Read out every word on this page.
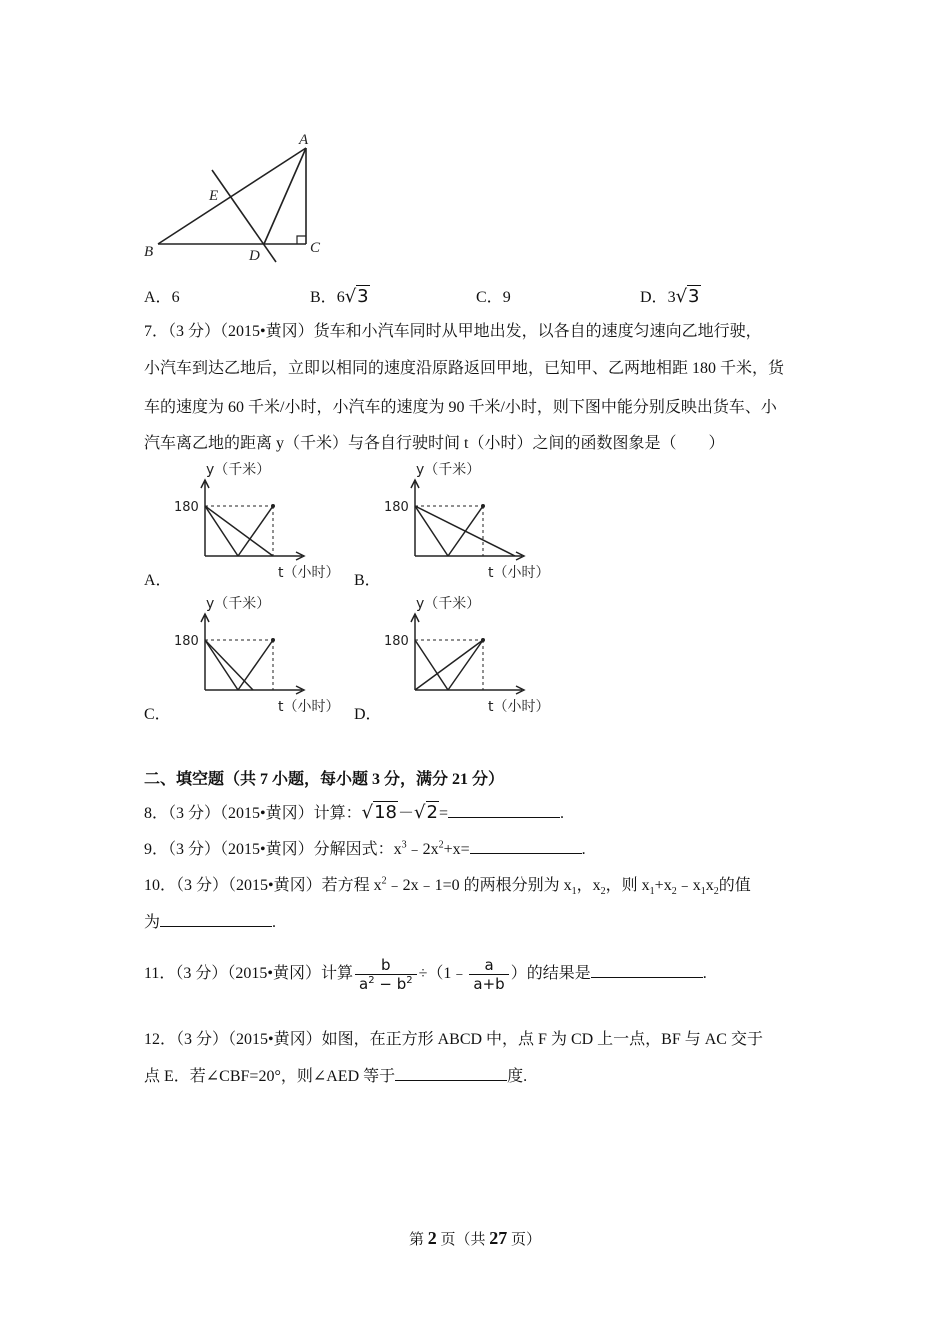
A
E
B	D	C
A．6	B．6√3	C．9	D．3√3
7．（3 分）（2015•黄冈）货车和小汽车同时从甲地出发，以各自的速度匀速向乙地行驶，
小汽车到达乙地后，立即以相同的速度沿原路返回甲地，已知甲、乙两地相距 180 千米，货
车的速度为 60 千米/小时，小汽车的速度为 90 千米/小时，则下图中能分别反映出货车、小
汽车离乙地的距离 y（千米）与各自行驶时间 t（小时）之间的函数图象是（　　）
180
y（千米）
t（小时）
A．
180
y（千米）
t（小时）
B．
180
y（千米）
t（小时）
C．
180
y（千米）
t（小时）
D．
二、填空题（共 7 小题，每小题 3 分，满分 21 分）
8．（3 分）（2015•黄冈）计算：√18－√2=	.
9．（3 分）（2015•黄冈）分解因式：$x^3﹣2x^2+x=$	.
10．（3 分）（2015•黄冈）若方程 $x^2﹣2x﹣1=0$ 的两根分别为 $x_1$，$x_2$，则 $x_1+x_2﹣x_1x_2$的值
为	.
11．（3 分）（2015•黄冈）计算 $\frac{b}{a^2 - b^2}$ ÷（1﹣ $\frac{a}{a+b}$ ）的结果是	.
12．（3 分）（2015•黄冈）如图，在正方形 ABCD 中，点 F 为 CD 上一点，BF 与 AC 交于
点 E．若∠CBF=20°，则∠AED 等于	度.
第 2 页（共 27 页）
